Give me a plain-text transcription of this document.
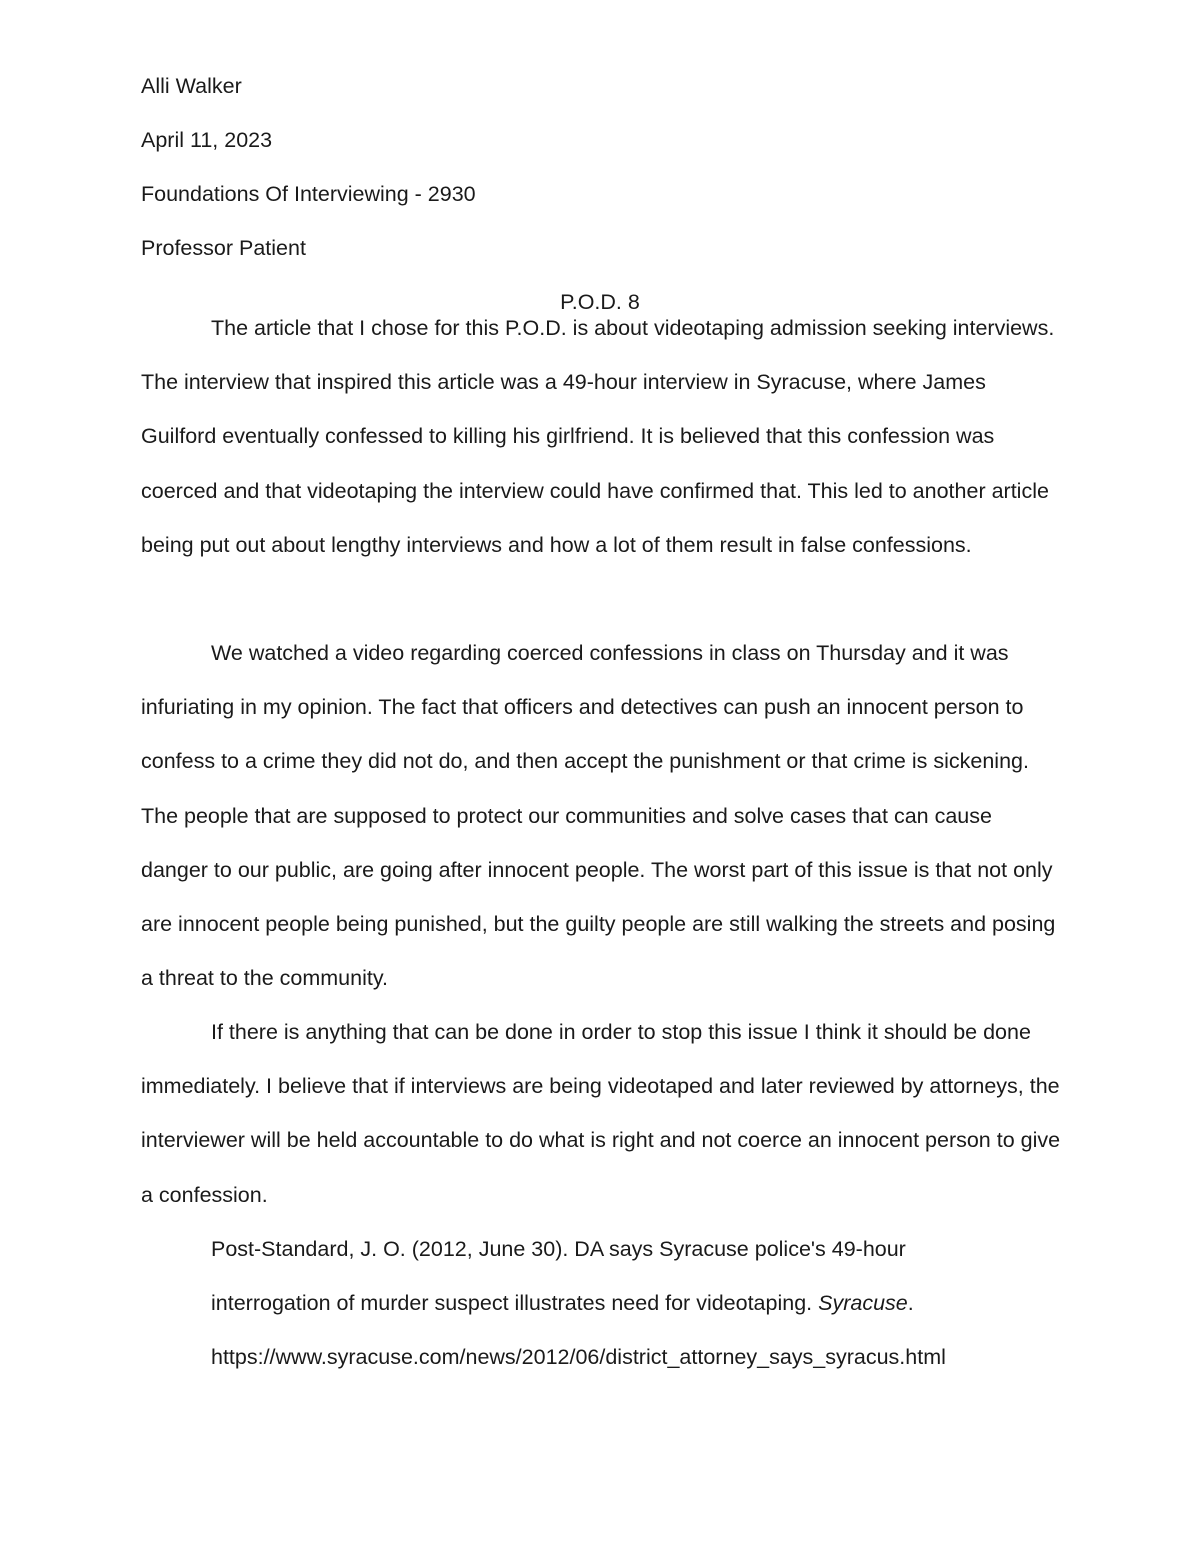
Alli Walker
April 11, 2023
Foundations Of Interviewing - 2930
Professor Patient
P.O.D. 8

The article that I chose for this P.O.D. is about videotaping admission seeking interviews. The interview that inspired this article was a 49-hour interview in Syracuse, where James Guilford eventually confessed to killing his girlfriend. It is believed that this confession was coerced and that videotaping the interview could have confirmed that. This led to another article being put out about lengthy interviews and how a lot of them result in false confessions.

We watched a video regarding coerced confessions in class on Thursday and it was infuriating in my opinion. The fact that officers and detectives can push an innocent person to confess to a crime they did not do, and then accept the punishment or that crime is sickening. The people that are supposed to protect our communities and solve cases that can cause danger to our public, are going after innocent people. The worst part of this issue is that not only are innocent people being punished, but the guilty people are still walking the streets and posing a threat to the community.

If there is anything that can be done in order to stop this issue I think it should be done immediately. I believe that if interviews are being videotaped and later reviewed by attorneys, the interviewer will be held accountable to do what is right and not coerce an innocent person to give a confession.

Post-Standard, J. O. (2012, June 30). DA says Syracuse police's 49-hour
interrogation of murder suspect illustrates need for videotaping. Syracuse.
https://www.syracuse.com/news/2012/06/district_attorney_says_syracus.html
